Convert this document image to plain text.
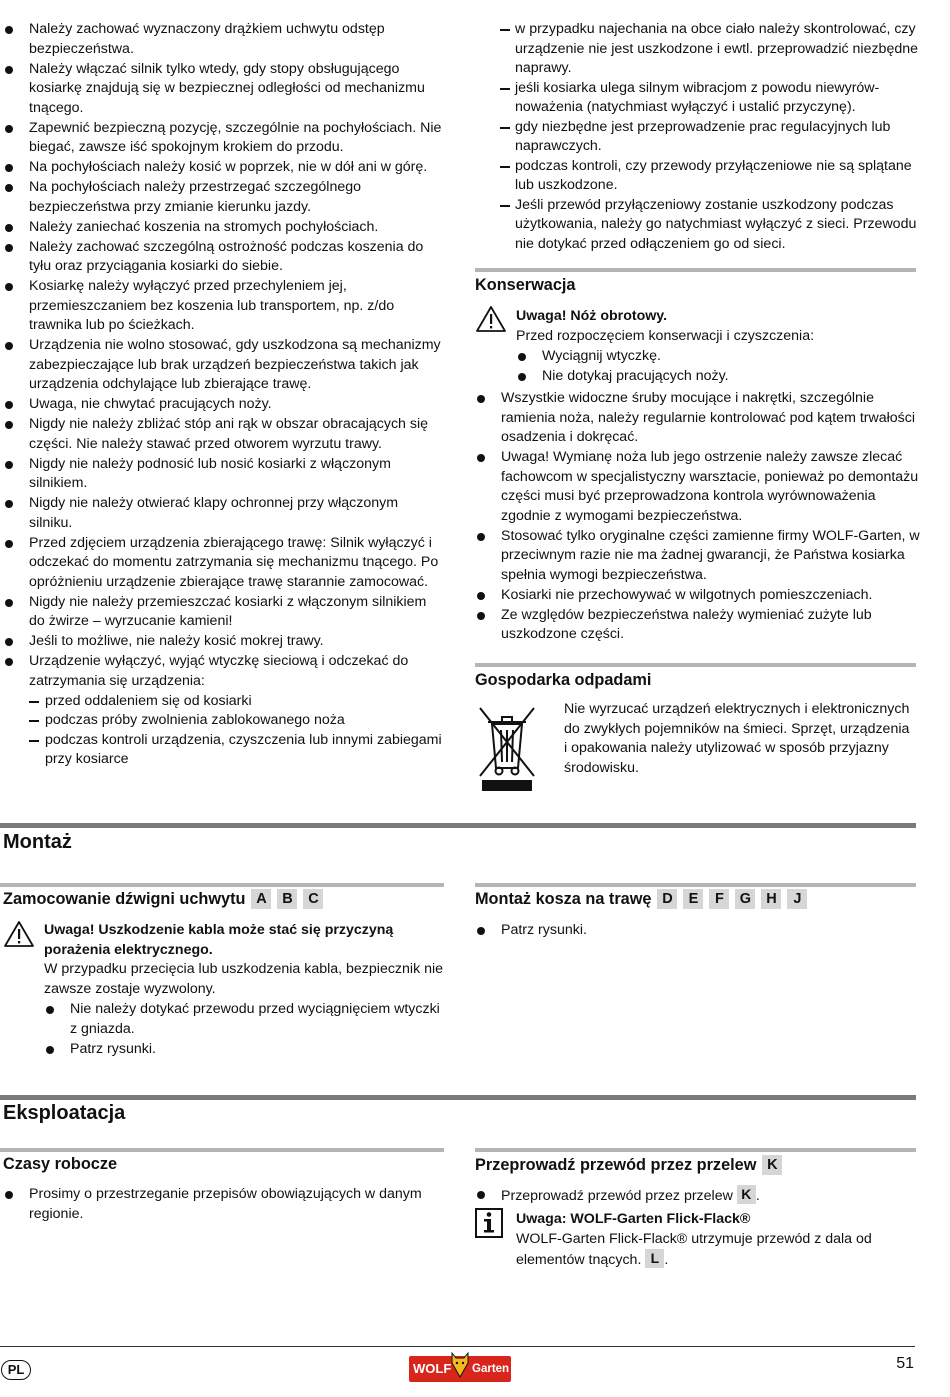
Należy zachować wyznaczony drążkiem uchwytu odstęp bezpieczeństwa.
Należy włączać silnik tylko wtedy, gdy stopy obsługującego kosiarkę znajdują się w bezpiecznej odległości od mechanizmu tnącego.
Zapewnić bezpieczną pozycję, szczególnie na pochyłościach. Nie biegać, zawsze iść spokojnym krokiem do przodu.
Na pochyłościach należy kosić w poprzek, nie w dół ani w górę.
Na pochyłościach należy przestrzegać szczególnego bezpieczeństwa przy zmianie kierunku jazdy.
Należy zaniechać koszenia na stromych pochyłościach.
Należy zachować szczególną ostrożność podczas koszenia do tyłu oraz przyciągania kosiarki do siebie.
Kosiarkę należy wyłączyć przed przechyleniem jej, przemieszczaniem bez koszenia lub transportem, np. z/do trawnika lub po ścieżkach.
Urządzenia nie wolno stosować, gdy uszkodzona są mechanizmy zabezpieczające lub brak urządzeń bezpieczeństwa takich jak urządzenia odchylające lub zbierające trawę.
Uwaga, nie chwytać pracujących noży.
Nigdy nie należy zbliżać stóp ani rąk w obszar obracających się części. Nie należy stawać przed otworem wyrzutu trawy.
Nigdy nie należy podnosić lub nosić kosiarki z włączonym silnikiem.
Nigdy nie należy otwierać klapy ochronnej przy włączonym silniku.
Przed zdjęciem urządzenia zbierającego trawę: Silnik wyłączyć i odczekać do momentu zatrzymania się mechanizmu tnącego. Po opróżnieniu urządzenie zbierające trawę starannie zamocować.
Nigdy nie należy przemieszczać kosiarki z włączonym silnikiem do żwirze – wyrzucanie kamieni!
Jeśli to możliwe, nie należy kosić mokrej trawy.
Urządzenie wyłączyć, wyjąć wtyczkę sieciową i odczekać do zatrzymania się urządzenia:
przed oddaleniem się od kosiarki
podczas próby zwolnienia zablokowanego noża
podczas kontroli urządzenia, czyszczenia lub innymi zabiegami przy kosiarce
w przypadku najechania na obce ciało należy skontrolować, czy urządzenie nie jest uszkodzone i ewtl. przeprowadzić niezbędne naprawy.
jeśli kosiarka ulega silnym wibracjom z powodu niewyrów-noważenia (natychmiast wyłączyć i ustalić przyczynę).
gdy niezbędne jest przeprowadzenie prac regulacyjnych lub naprawczych.
podczas kontroli, czy przewody przyłączeniowe nie są splątane lub uszkodzone.
Jeśli przewód przyłączeniowy zostanie uszkodzony podczas użytkowania, należy go natychmiast wyłączyć z sieci. Przewodu nie dotykać przed odłączeniem go od sieci.
Konserwacja
Uwaga! Nóż obrotowy.
Przed rozpoczęciem konserwacji i czyszczenia:
Wyciągnij wtyczkę.
Nie dotykaj pracujących noży.
Wszystkie widoczne śruby mocujące i nakrętki, szczególnie ramienia noża, należy regularnie kontrolować pod kątem trwałości osadzenia i dokręcać.
Uwaga! Wymianę noża lub jego ostrzenie należy zawsze zlecać fachowcom w specjalistyczny warsztacie, ponieważ po demontażu części musi być przeprowadzona kontrola wyrównoważenia zgodnie z wymogami bezpieczeństwa.
Stosować tylko oryginalne części zamienne firmy WOLF-Garten, w przeciwnym razie nie ma żadnej gwarancji, że Państwa kosiarka spełnia wymogi bezpieczeństwa.
Kosiarki nie przechowywać w wilgotnych pomieszczeniach.
Ze względów bezpieczeństwa należy wymieniać zużyte lub uszkodzone części.
Gospodarka odpadami
Nie wyrzucać urządzeń elektrycznych i elektronicznych do zwykłych pojemników na śmieci. Sprzęt, urządzenia i opakowania należy utylizować w sposób przyjazny środowisku.
Montaż
Zamocowanie dźwigni uchwytu A B C
Uwaga! Uszkodzenie kabla może stać się przyczyną porażenia elektrycznego.
W przypadku przecięcia lub uszkodzenia kabla, bezpiecznik nie zawsze zostaje wyzwolony.
Nie należy dotykać przewodu przed wyciągnięciem wtyczki z gniazda.
Patrz rysunki.
Montaż kosza na trawę D E F G H J
Patrz rysunki.
Eksploatacja
Czasy robocze
Prosimy o przestrzeganie przepisów obowiązujących w danym regionie.
Przeprowadź przewód przez przelew K
Przeprowadź przewód przez przelew K .
Uwaga: WOLF-Garten Flick-Flack®
WOLF-Garten Flick-Flack® utrzymuje przewód z dala od elementów tnących. L .
PL	WOLF Garten	51
